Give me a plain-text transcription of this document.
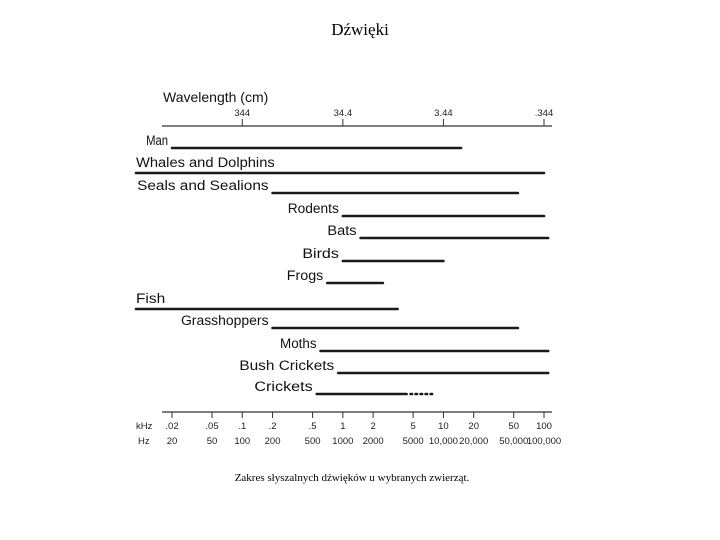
Dźwięki
Wavelength (cm)
kHz
Hz
344	34.4	3.44	.344
Man
Whales and Dolphins
Seals and Sealions
Rodents
Bats
Birds
Frogs
Fish
Grasshoppers
Moths
Bush Crickets
Crickets
.02
20
.05
50
.1
100
.2
200
.5
500
1
1000
2
2000
5
5000
10
10,000
20
20,000
50
50,000
100
100,000
Zakres słyszalnych dźwięków u wybranych zwierząt.
